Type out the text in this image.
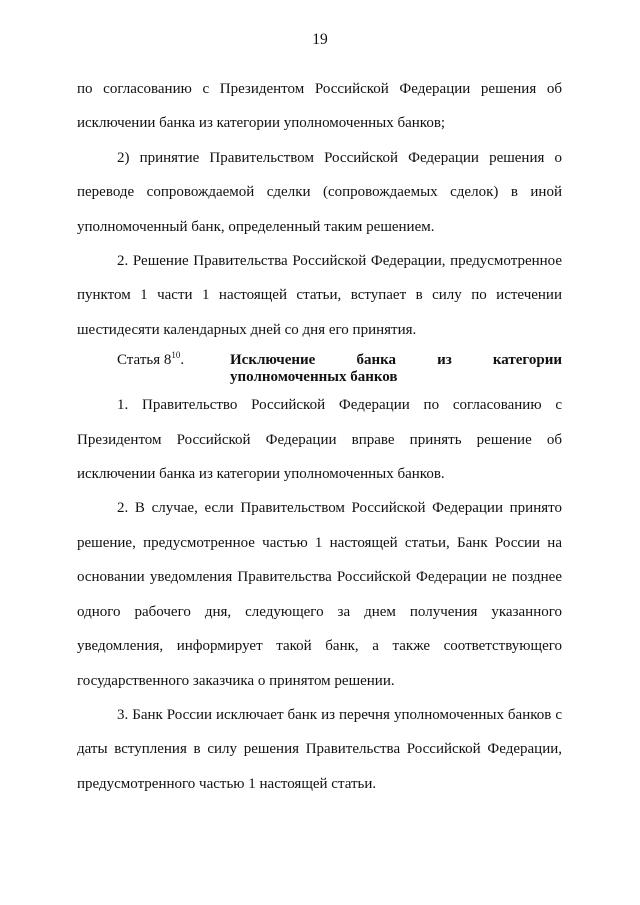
19

по согласованию с Президентом Российской Федерации решения об исключении банка из категории уполномоченных банков;

2) принятие Правительством Российской Федерации решения о переводе сопровождаемой сделки (сопровождаемых сделок) в иной уполномоченный банк, определенный таким решением.

2. Решение Правительства Российской Федерации, предусмотренное пунктом 1 части 1 настоящей статьи, вступает в силу по истечении шестидесяти календарных дней со дня его принятия.

Статья $8^{10}$.	Исключение банка из категории
уполномоченных банков

1. Правительство Российской Федерации по согласованию с Президентом Российской Федерации вправе принять решение об исключении банка из категории уполномоченных банков.

2. В случае, если Правительством Российской Федерации принято решение, предусмотренное частью 1 настоящей статьи, Банк России на основании уведомления Правительства Российской Федерации не позднее одного рабочего дня, следующего за днем получения указанного уведомления, информирует такой банк, а также соответствующего государственного заказчика о принятом решении.

3. Банк России исключает банк из перечня уполномоченных банков с даты вступления в силу решения Правительства Российской Федерации, предусмотренного частью 1 настоящей статьи.
